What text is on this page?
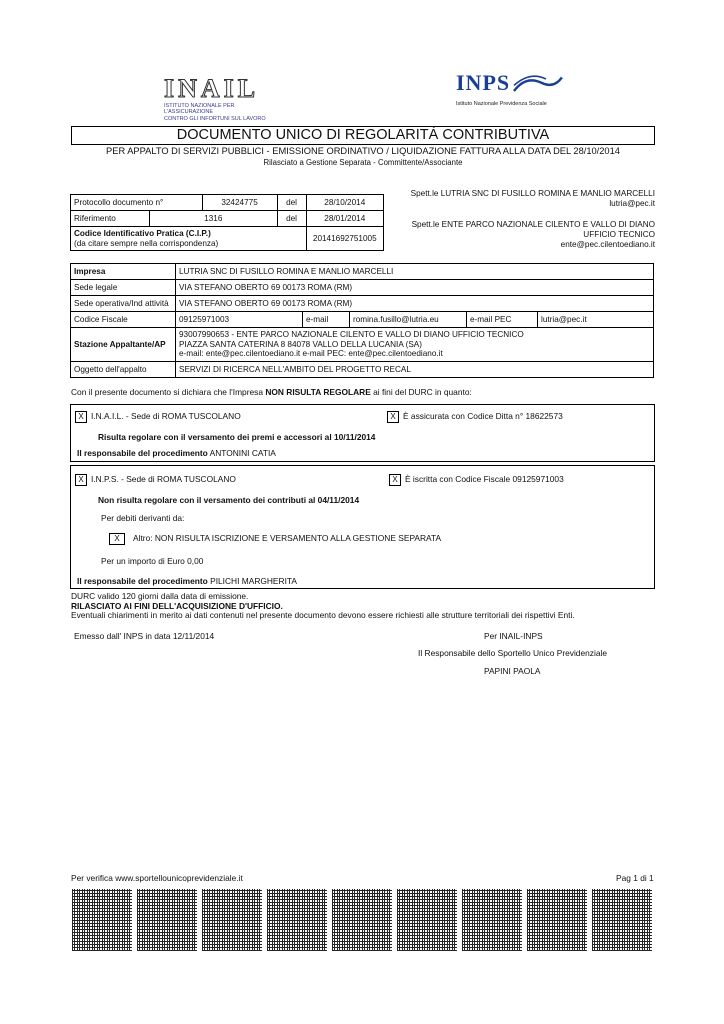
INAIL
ISTITUTO NAZIONALE PER L'ASSICURAZIONE
CONTRO GLI INFORTUNI SUL LAVORO
INPS
Istituto Nazionale Previdenza Sociale
DOCUMENTO UNICO DI REGOLARITÀ CONTRIBUTIVA
PER APPALTO DI SERVIZI PUBBLICI - EMISSIONE ORDINATIVO / LIQUIDAZIONE FATTURA ALLA DATA DEL 28/10/2014
Rilasciato a Gestione Separata - Committente/Associante
Protocollo documento n°		32424775	del	28/10/2014
Riferimento	1316		del	28/01/2014

Codice Identificativo Pratica (C.I.P.)
(da citare sempre nella corrispondenza)				20141692751005
Spett.le LUTRIA SNC DI FUSILLO ROMINA E MANLIO MARCELLI
lutria@pec.it
Spett.le ENTE PARCO NAZIONALE CILENTO E VALLO DI DIANO
UFFICIO TECNICO
ente@pec.cilentoediano.it
Impresa	LUTRIA SNC DI FUSILLO ROMINA E MANLIO MARCELLI				
Sede legale	VIA STEFANO OBERTO 69 00173 ROMA (RM)				
Sede operativa/Ind attività	VIA STEFANO OBERTO 69 00173 ROMA (RM)				
Codice Fiscale	09125971003	e-mail	romina.fusillo@lutria.eu	e-mail PEC	lutria@pec.it
Stazione Appaltante/AP	93007990653 - ENTE PARCO NAZIONALE CILENTO E VALLO DI DIANO UFFICIO TECNICO
PIAZZA SANTA CATERINA 8 84078 VALLO DELLA LUCANIA (SA)
e-mail: ente@pec.cilentoediano.it e-mail PEC: ente@pec.cilentoediano.it				

Oggetto dell'appalto	SERVIZI DI RICERCA NELL'AMBITO DEL PROGETTO RECAL				
Con il presente documento si dichiara che l'Impresa NON RISULTA REGOLARE ai fini del DURC in quanto:
X I.N.A.I.L. - Sede di ROMA TUSCOLANO	X È assicurata con Codice Ditta n° 18622573
Risulta regolare con il versamento dei premi e accessori al 10/11/2014
Il responsabile del procedimento ANTONINI CATIA
X I.N.P.S. - Sede di ROMA TUSCOLANO	X È iscritta con Codice Fiscale 09125971003
Non risulta regolare con il versamento dei contributi al 04/11/2014
Per debiti derivanti da:
X Altro: NON RISULTA ISCRIZIONE E VERSAMENTO ALLA GESTIONE SEPARATA
Per un importo di Euro 0,00
Il responsabile del procedimento PILICHI MARGHERITA
DURC valido 120 giorni dalla data di emissione.
RILASCIATO AI FINI DELL'ACQUISIZIONE D'UFFICIO.
Eventuali chiarimenti in merito ai dati contenuti nel presente documento devono essere richiesti alle strutture territoriali dei rispettivi Enti.
Emesso dall' INPS in data 12/11/2014	Per INAIL-INPS
Il Responsabile dello Sportello Unico Previdenziale
PAPINI PAOLA
Per verifica www.sportellounicoprevidenziale.it	Pag 1 di 1
